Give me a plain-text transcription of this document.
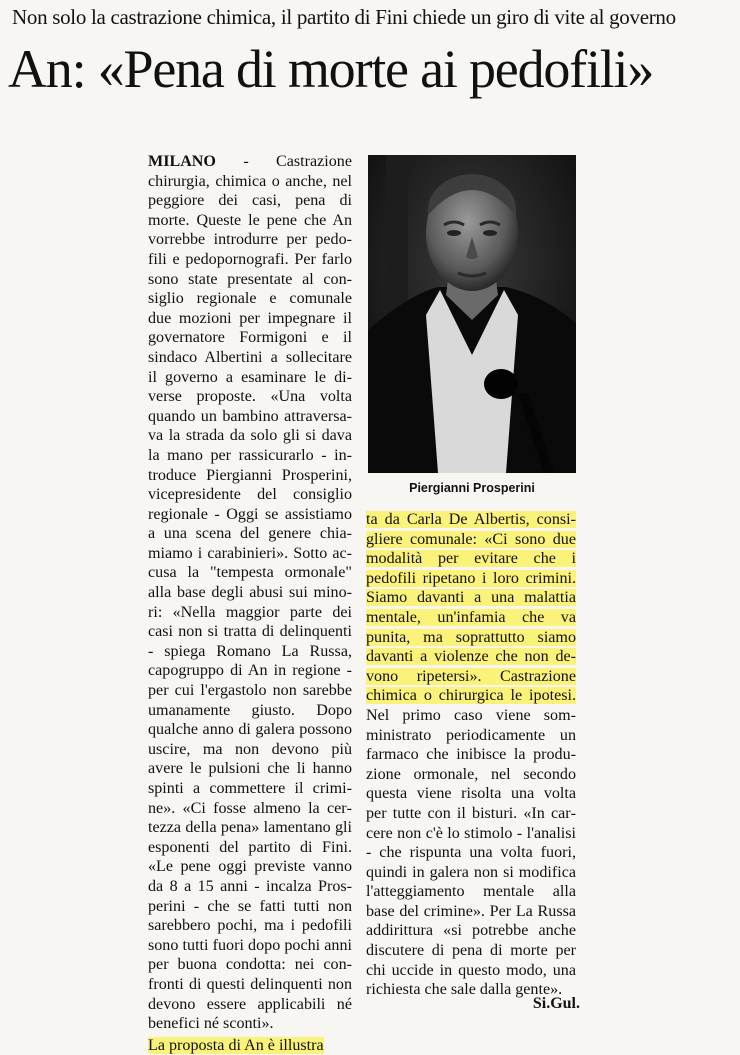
Non solo la castrazione chimica, il partito di Fini chiede un giro di vite al governo
An: «Pena di morte ai pedofili»

MILANO - Castrazione chirurgia, chimica o anche, nel peggiore dei casi, pena di morte. Queste le pene che An vorrebbe introdurre per pedofili e pedopornografi. Per farlo sono state presentate al consiglio regionale e comunale due mozioni per impegnare il governatore Formigoni e il sindaco Albertini a sollecitare il governo a esaminare le diverse proposte. «Una volta quando un bambino attraversava la strada da solo gli si dava la mano per rassicurarlo - introduce Piergianni Prosperini, vicepresidente del consiglio regionale - Oggi se assistiamo a una scena del genere chiamiamo i carabinieri». Sotto accusa la "tempesta ormonale" alla base degli abusi sui minori: «Nella maggior parte dei casi non si tratta di delinquenti - spiega Romano La Russa, capogruppo di An in regione - per cui l'ergastolo non sarebbe umanamente giusto. Dopo qualche anno di galera possono uscire, ma non devono più avere le pulsioni che li hanno spinti a commettere il crimine». «Ci fosse almeno la certezza della pena» lamentano gli esponenti del partito di Fini. «Le pene oggi previste vanno da 8 a 15 anni - incalza Prosperini - che se fatti tutti non sarebbero pochi, ma i pedofili sono tutti fuori dopo pochi anni per buona condotta: nei confronti di questi delinquenti non devono essere applicabili né benefici né sconti».

La proposta di An è illustra

Piergianni Prosperini

ta da Carla De Albertis, consigliere comunale: «Ci sono due modalità per evitare che i pedofili ripetano i loro crimini. Siamo davanti a una malattia mentale, un'infamia che va punita, ma soprattutto siamo davanti a violenze che non devono ripetersi». Castrazione chimica o chirurgica le ipotesi. Nel primo caso viene somministrato periodicamente un farmaco che inibisce la produzione ormonale, nel secondo questa viene risolta una volta per tutte con il bisturi. «In carcere non c'è lo stimolo - l'analisi - che rispunta una volta fuori, quindi in galera non si modifica l'atteggiamento mentale alla base del crimine». Per La Russa addirittura «si potrebbe anche discutere di pena di morte per chi uccide in questo modo, una richiesta che sale dalla gente».

Si.Gul.
